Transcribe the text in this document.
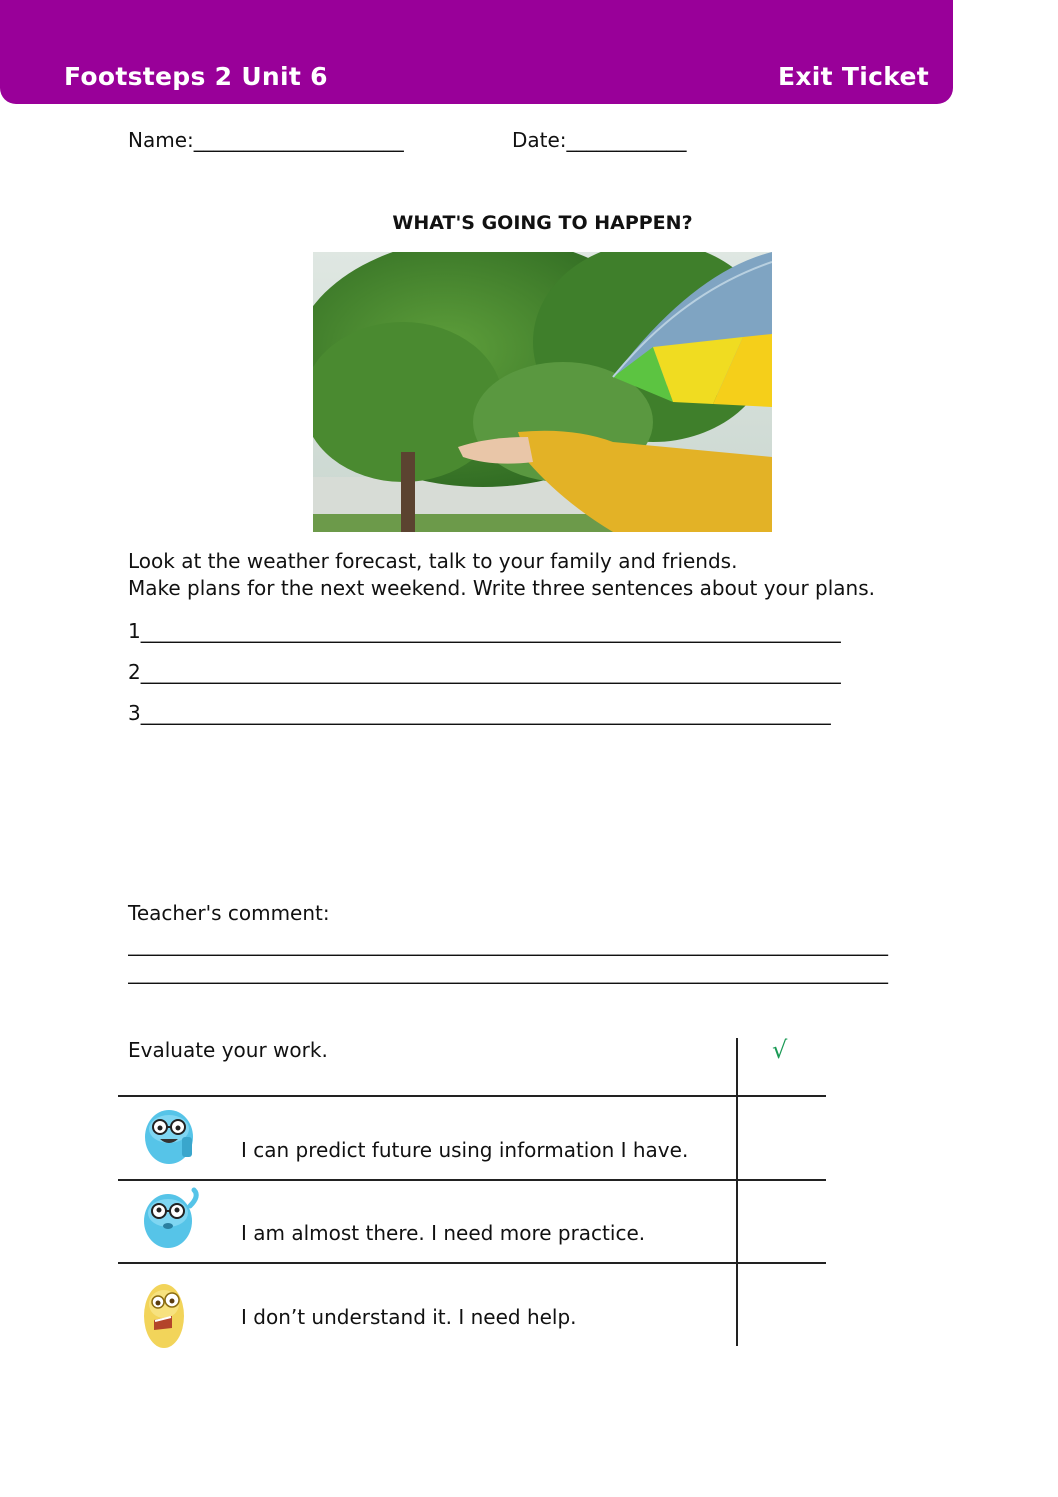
Footsteps 2 Unit 6	Exit Ticket
Name:_____________________	Date:____________
WHAT'S GOING TO HAPPEN?
Look at the weather forecast, talk to your family and friends.
Make plans for the next weekend. Write three sentences about your plans.
1______________________________________________________________________
2______________________________________________________________________
3_____________________________________________________________________
Teacher's comment:
____________________________________________________________________________
____________________________________________________________________________
Evaluate your work.	√
I can predict future using information I have.
I am almost there. I need more practice.
I don’t understand it. I need help.
